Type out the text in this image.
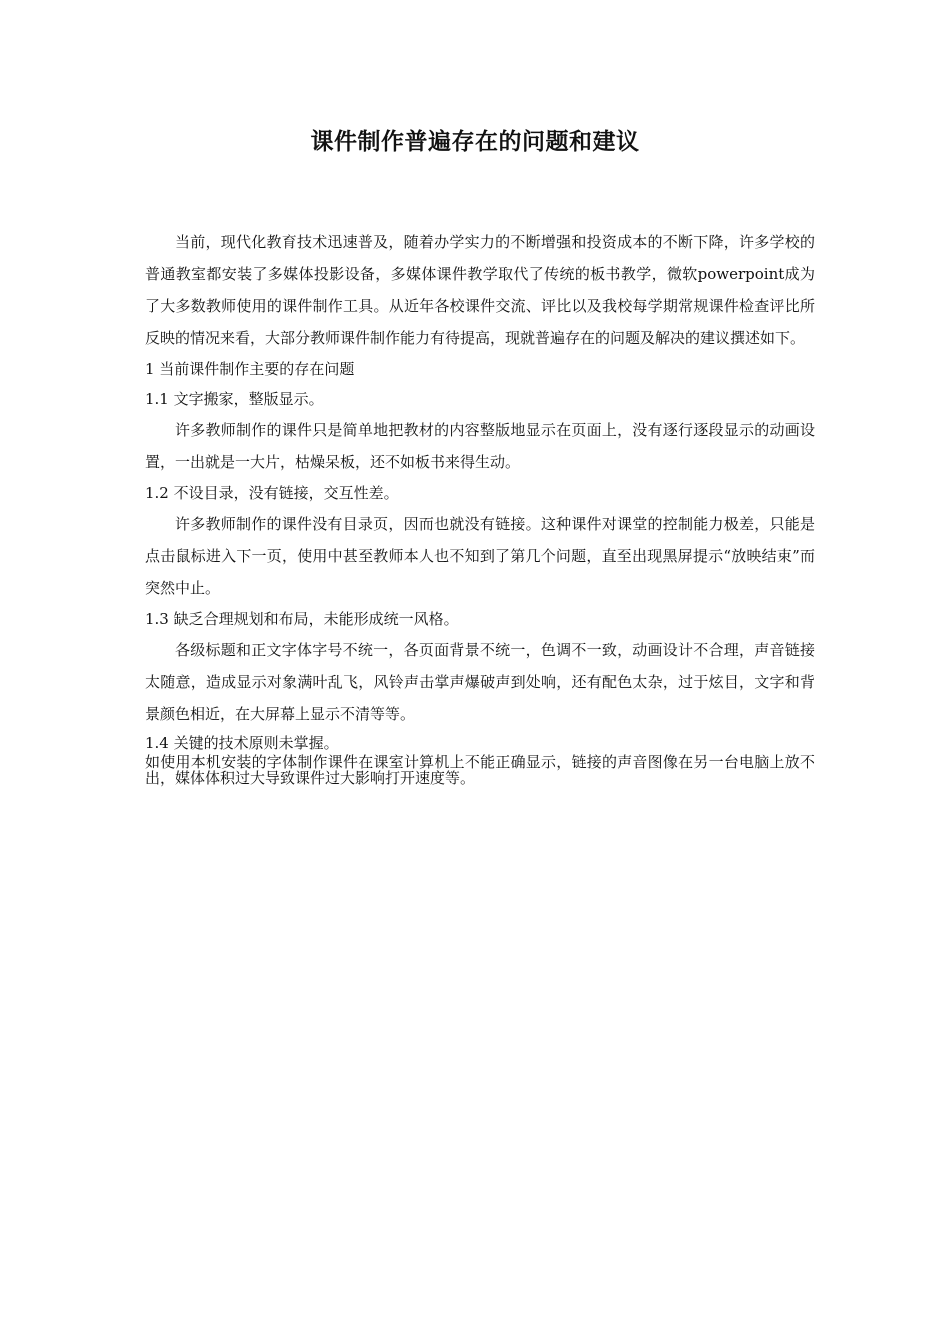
课件制作普遍存在的问题和建议

当前，现代化教育技术迅速普及，随着办学实力的不断增强和投资成本的不断下降，许多学校的普通教室都安装了多媒体投影设备，多媒体课件教学取代了传统的板书教学，微软powerpoint成为了大多数教师使用的课件制作工具。从近年各校课件交流、评比以及我校每学期常规课件检查评比所反映的情况来看，大部分教师课件制作能力有待提高，现就普遍存在的问题及解决的建议撰述如下。

1 当前课件制作主要的存在问题

1.1 文字搬家，整版显示。

许多教师制作的课件只是简单地把教材的内容整版地显示在页面上，没有逐行逐段显示的动画设置，一出就是一大片，枯燥呆板，还不如板书来得生动。

1.2 不设目录，没有链接，交互性差。

许多教师制作的课件没有目录页，因而也就没有链接。这种课件对课堂的控制能力极差，只能是点击鼠标进入下一页，使用中甚至教师本人也不知到了第几个问题，直至出现黑屏提示“放映结束”而突然中止。

1.3 缺乏合理规划和布局，未能形成统一风格。

各级标题和正文字体字号不统一，各页面背景不统一，色调不一致，动画设计不合理，声音链接太随意，造成显示对象满叶乱飞，风铃声击掌声爆破声到处响，还有配色太杂，过于炫目，文字和背景颜色相近，在大屏幕上显示不清等等。

1.4 关键的技术原则未掌握。

如使用本机安装的字体制作课件在课室计算机上不能正确显示，链接的声音图像在另一台电脑上放不出，媒体体积过大导致课件过大影响打开速度等。
